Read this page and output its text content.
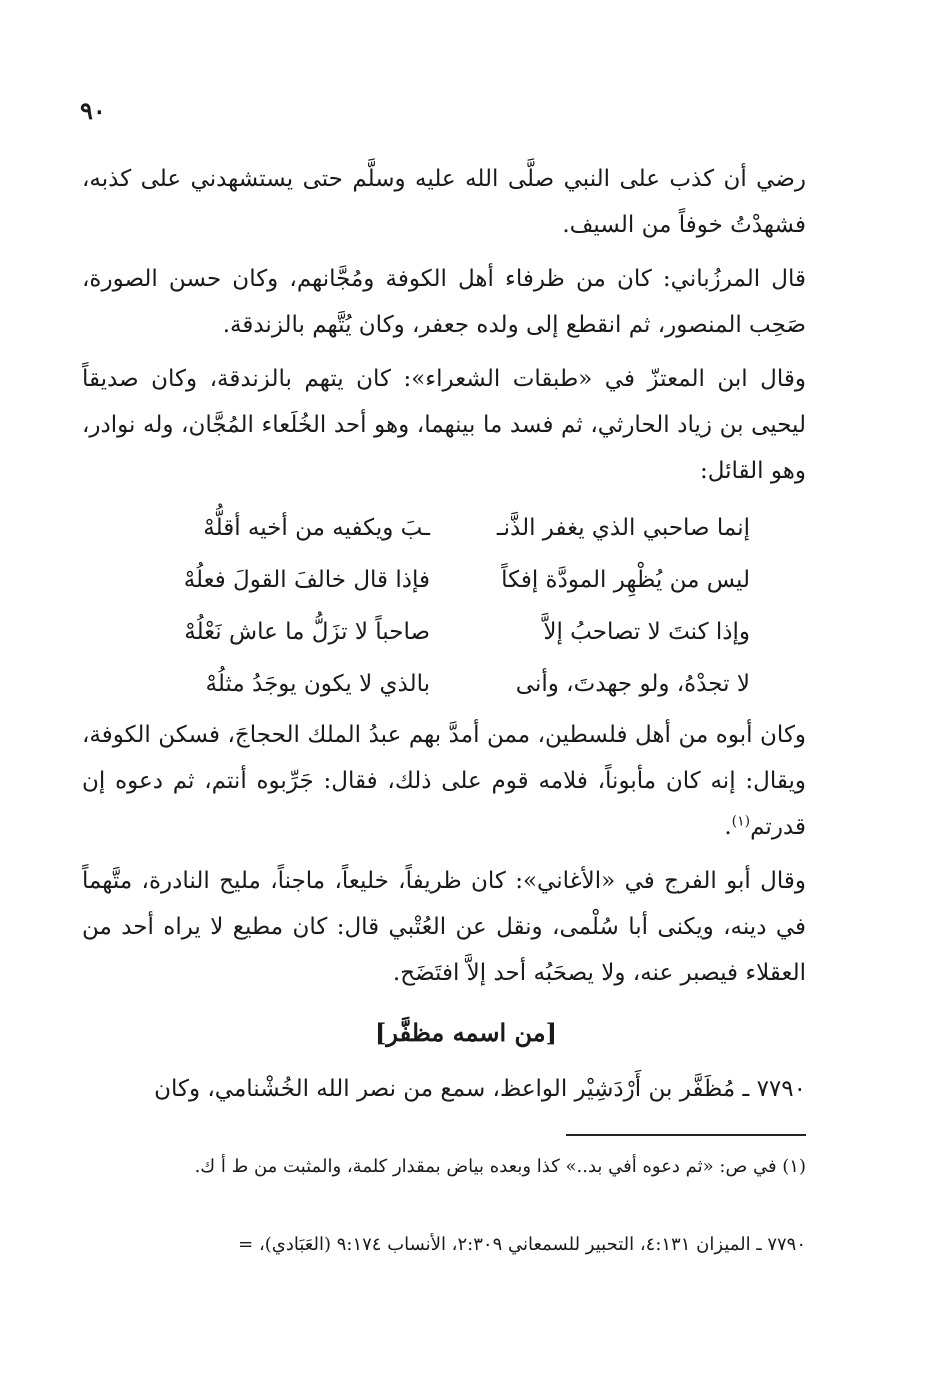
٩٠

رضي أن كذب على النبي صلَّى الله عليه وسلَّم حتى يستشهدني على كذبه، فشهدْتُ خوفاً من السيف.

قال المرزُباني: كان من ظرفاء أهل الكوفة ومُجَّانهم، وكان حسن الصورة، صَحِب المنصور، ثم انقطع إلى ولده جعفر، وكان يُتَّهم بالزندقة.

وقال ابن المعتزّ في «طبقات الشعراء»: كان يتهم بالزندقة، وكان صديقاً ليحيى بن زياد الحارثي، ثم فسد ما بينهما، وهو أحد الخُلَعاء المُجَّان، وله نوادر، وهو القائل:

إنما صاحبي الذي يغفر الذَّنـ
ـبَ ويكفيه من أخيه أقلُّهْ
ليس من يُظْهِر المودَّة إفكاً
فإذا قال خالفَ القولَ فعلُهْ
وإذا كنتَ لا تصاحبُ إلاَّ
صاحباً لا تزَلُّ ما عاش نَعْلُهْ
لا تجدْهُ، ولو جهدتَ، وأنى
بالذي لا يكون يوجَدُ مثلُهْ

وكان أبوه من أهل فلسطين، ممن أمدَّ بهم عبدُ الملك الحجاجَ، فسكن الكوفة، ويقال: إنه كان مأبوناً، فلامه قوم على ذلك، فقال: جَرِّبوه أنتم، ثم دعوه إن قدرتم$^{(١)}$.

وقال أبو الفرج في «الأغاني»: كان ظريفاً، خليعاً، ماجناً، مليح النادرة، متَّهماً في دينه، ويكنى أبا سُلْمى، ونقل عن العُتْبي قال: كان مطيع لا يراه أحد من العقلاء فيصبر عنه، ولا يصحَبُه أحد إلاَّ افتَضَح.

[من اسمه مظفَّر]
٧٧٩٠ ـ مُظَفَّر بن أَرْدَشِيْر الواعظ، سمع من نصر الله الخُشْنامي، وكان
(١) في ص: «ثم دعوه أفي بد..» كذا وبعده بياض بمقدار كلمة، والمثبت من ط أ ك.
٧٧٩٠ ـ الميزان ٤:١٣١، التحبير للسمعاني ٢:٣٠٩، الأنساب ٩:١٧٤ (العَبَادي)، =
